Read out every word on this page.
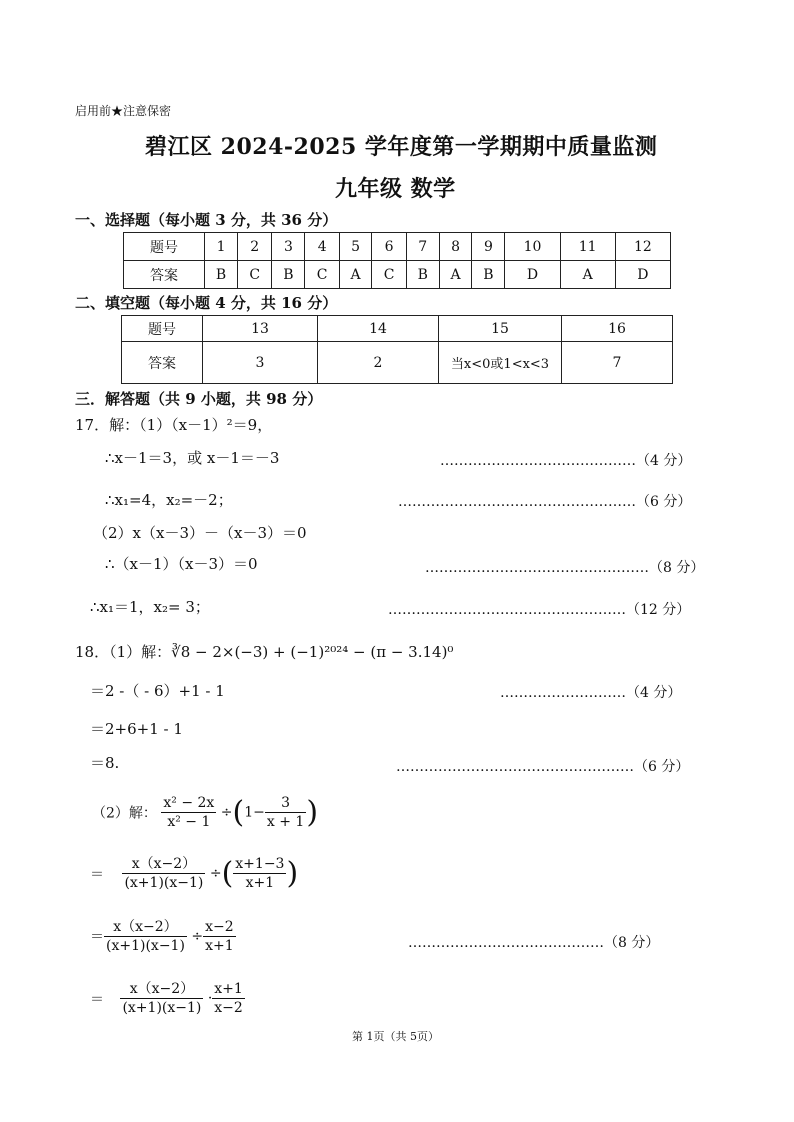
启用前★注意保密
碧江区 2024-2025 学年度第一学期期中质量监测
九年级 数学
一、选择题（每小题 3 分，共 36 分）
题号	1	2	3	4	5	6	7	8	9	10	11	12
答案	B	C	B	C	A	C	B	A	B	D	A	D
二、填空题（每小题 4 分，共 16 分）
题号	13	14	15	16
答案	3	2	当x<0或1<x<3	7
三．解答题（共 9 小题，共 98 分）
17．解：（1）（x－1）²＝9，
∴x－1＝3，或 x－1＝－3	……………………………………（4 分）
∴x₁=4，x₂=－2；	……………………………………………（6 分）
（2）x（x－3）－（x－3）＝0
∴（x－1）（x－3）＝0	…………………………………………（8 分）
∴x₁＝1，x₂= 3；	……………………………………………（12 分）
18．（1）解：∛8 − 2×(−3) + (−1)²⁰²⁴ − (π − 3.14)⁰
＝2 -（ - 6）+1 - 1	………………………（4 分）
＝2+6+1 - 1
＝8.	……………………………………………（6 分）
（2）解： $\frac{\text{x² − 2x}}{\text{x² − 1}} \div(1- \frac{3}{x + 1}$ )
＝ $\frac{x(x-2)}{(x+1)(x-1)}$ ÷( $\frac{x+1-3}{x+1}$ )
＝ $\frac{x(x-2)}{(x+1)(x-1)} \div \frac{x-2}{x+1}$	……………………………………（8 分）
＝ $\frac{x(x-2)}{(x+1)(x-1)} \cdot \frac{x+1}{x-2}$
第 1页（共 5页）
